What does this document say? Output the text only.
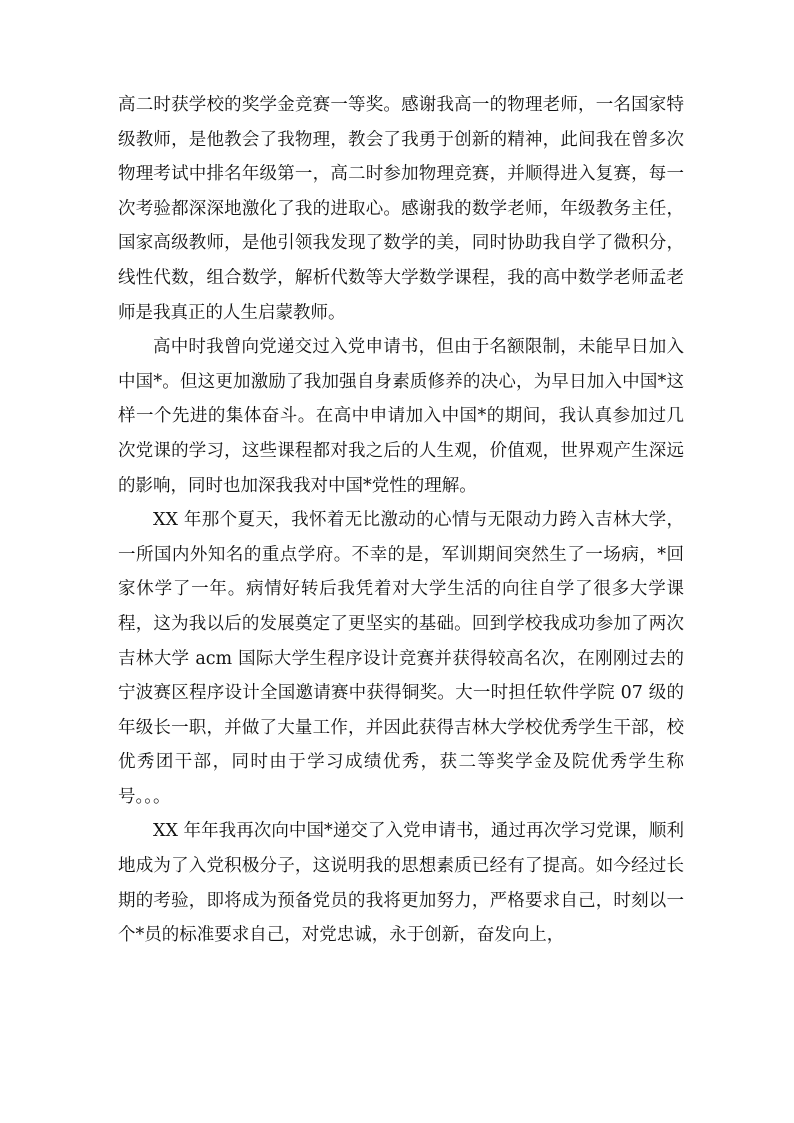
高二时获学校的奖学金竞赛一等奖。感谢我高一的物理老师，一名国家特级教师，是他教会了我物理，教会了我勇于创新的精神，此间我在曾多次物理考试中排名年级第一，高二时参加物理竞赛，并顺得进入复赛，每一次考验都深深地激化了我的进取心。感谢我的数学老师，年级教务主任，国家高级教师，是他引领我发现了数学的美，同时协助我自学了微积分，线性代数，组合数学，解析代数等大学数学课程，我的高中数学老师孟老师是我真正的人生启蒙教师。

高中时我曾向党递交过入党申请书，但由于名额限制，未能早日加入中国*。但这更加激励了我加强自身素质修养的决心，为早日加入中国*这样一个先进的集体奋斗。在高中申请加入中国*的期间，我认真参加过几次党课的学习，这些课程都对我之后的人生观，价值观，世界观产生深远的影响，同时也加深我我对中国*党性的理解。

XX 年那个夏天，我怀着无比激动的心情与无限动力跨入吉林大学，一所国内外知名的重点学府。不幸的是，军训期间突然生了一场病，*回家休学了一年。病情好转后我凭着对大学生活的向往自学了很多大学课程，这为我以后的发展奠定了更坚实的基础。回到学校我成功参加了两次吉林大学 acm 国际大学生程序设计竞赛并获得较高名次，在刚刚过去的宁波赛区程序设计全国邀请赛中获得铜奖。大一时担任软件学院 07 级的年级长一职，并做了大量工作，并因此获得吉林大学校优秀学生干部，校优秀团干部，同时由于学习成绩优秀，获二等奖学金及院优秀学生称号。。。

XX 年年我再次向中国*递交了入党申请书，通过再次学习党课，顺利地成为了入党积极分子，这说明我的思想素质已经有了提高。如今经过长期的考验，即将成为预备党员的我将更加努力，严格要求自己，时刻以一个*员的标准要求自己，对党忠诚，永于创新，奋发向上，
